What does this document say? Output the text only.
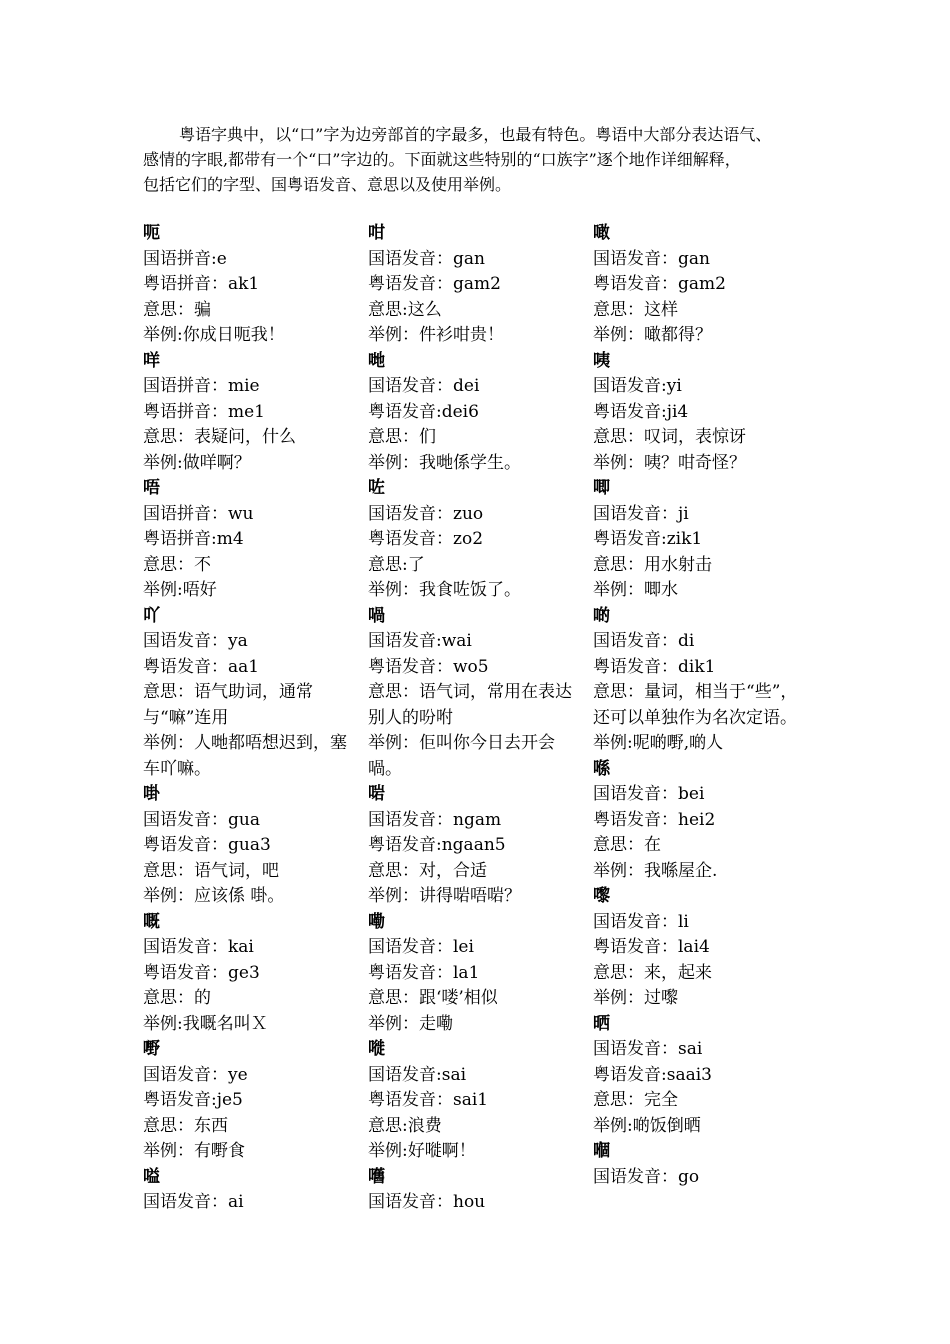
粤语字典中，以“口”字为边旁部首的字最多，也最有特色。粤语中大部分表达语气、

感情的字眼,都带有一个“口”字边的。下面就这些特别的“口族字”逐个地作详细解释，

包括它们的字型、国粤语发音、意思以及使用举例。

呃
国语拼音:e
粤语拼音：ak1
意思：骗
举例:你成日呃我！
咩
国语拼音：mie
粤语拼音：me1
意思：表疑问，什么
举例:做咩啊？
唔
国语拼音：wu
粤语拼音:m4
意思：不
举例:唔好
吖
国语发音：ya
粤语发音：aa1
意思：语气助词，通常与“嘛”连用
举例：人哋都唔想迟到，塞车吖嘛。
啩
国语发音：gua
粤语发音：gua3
意思：语气词，吧
举例：应该係 啩。
嘅
国语发音：kai
粤语发音：ge3
意思：的
举例:我嘅名叫Ｘ
嘢
国语发音：ye
粤语发音:je5
意思：东西
举例：有嘢食
嗌
国语发音：ai
咁
国语发音：gan
粤语发音：gam2
意思:这么
举例：件衫咁贵！
哋
国语发音：dei
粤语发音:dei6
意思：们
举例：我哋係学生。
咗
国语发音：zuo
粤语发音：zo2
意思:了
举例：我食咗饭了。
喎
国语发音:wai
粤语发音：wo5
意思：语气词，常用在表达别人的吩咐
举例：佢叫你今日去开会喎。
啱
国语发音：ngam
粤语发音:ngaan5
意思：对，合适
举例：讲得啱唔啱？
嘞
国语发音：lei
粤语发音：la1
意思：跟‘喽’相似
举例：走嘞
嘥
国语发音:sai
粤语发音：sai1
意思:浪费
举例:好嘥啊！
嚿
国语发音：hou
噉
国语发音：gan
粤语发音：gam2
意思：这样
举例：噉都得？
咦
国语发音:yi
粤语发音:ji4
意思：叹词，表惊讶
举例：咦？咁奇怪？
唧
国语发音：ji
粤语发音:zik1
意思：用水射击
举例：唧水
啲
国语发音：di
粤语发音：dik1
意思：量词，相当于“些”，还可以单独作为名次定语。
举例:呢啲嘢,啲人
喺
国语发音：bei
粤语发音：hei2
意思：在
举例：我喺屋企.
嚟
国语发音：li
粤语发音：lai4
意思：来，起来
举例：过嚟
晒
国语发音：sai
粤语发音:saai3
意思：完全
举例:啲饭倒晒
嗰
国语发音：go
